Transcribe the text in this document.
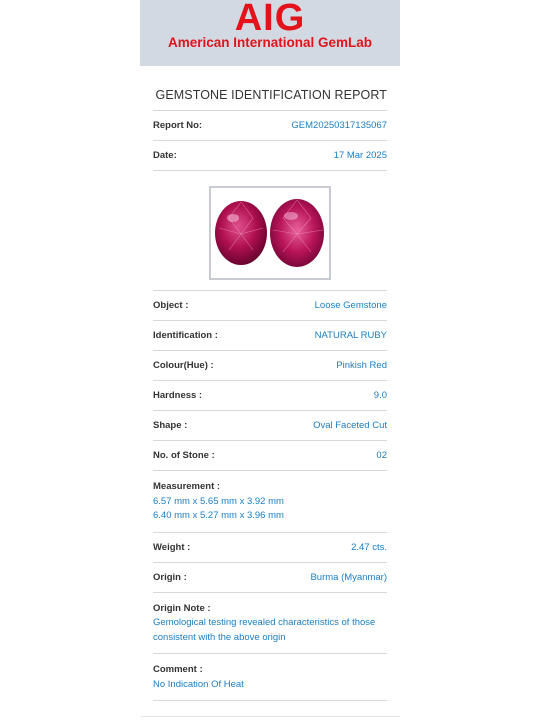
AIG
American International GemLab
GEMSTONE IDENTIFICATION REPORT
Report No:	GEM20250317135067
Date:	17 Mar 2025
Object :	Loose Gemstone
Identification :	NATURAL RUBY
Colour(Hue) :	Pinkish Red
Hardness :	9.0
Shape :	Oval Faceted Cut
No. of Stone :	02
Measurement :
6.57 mm x 5.65 mm x 3.92 mm
6.40 mm x 5.27 mm x 3.96 mm
Weight :	2.47 cts.
Origin :	Burma (Myanmar)
Origin Note :
Gemological testing revealed characteristics of those
consistent with the above origin
Comment :
No Indication Of Heat
